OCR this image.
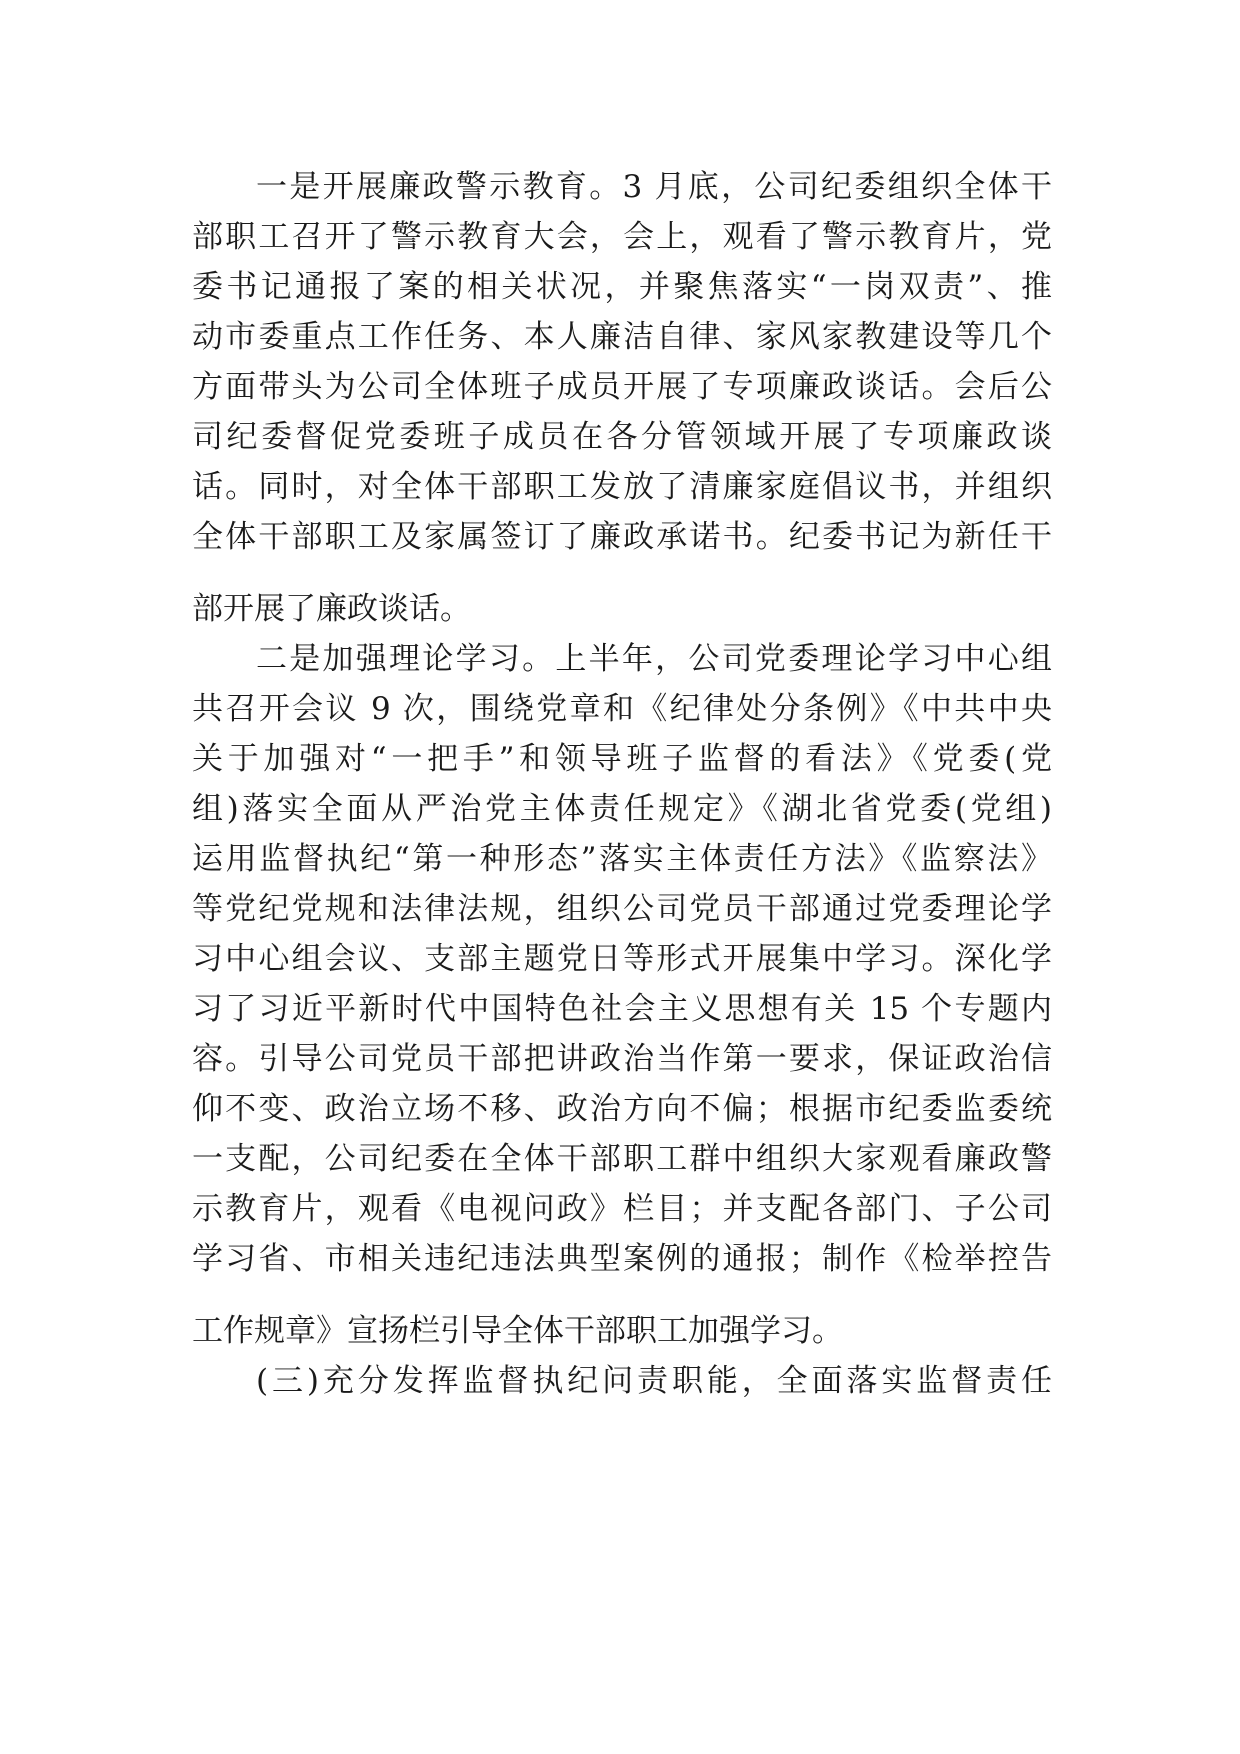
一是开展廉政警示教育。3 月底，公司纪委组织全体干
部职工召开了警示教育大会，会上，观看了警示教育片，党
委书记通报了案的相关状况，并聚焦落实“一岗双责”、推
动市委重点工作任务、本人廉洁自律、家风家教建设等几个
方面带头为公司全体班子成员开展了专项廉政谈话。会后公
司纪委督促党委班子成员在各分管领域开展了专项廉政谈
话。同时，对全体干部职工发放了清廉家庭倡议书，并组织
全体干部职工及家属签订了廉政承诺书。纪委书记为新任干
部开展了廉政谈话。
二是加强理论学习。上半年，公司党委理论学习中心组
共召开会议 9 次，围绕党章和《纪律处分条例》《中共中央
关于加强对“一把手”和领导班子监督的看法》《党委(党
组)落实全面从严治党主体责任规定》《湖北省党委(党组)
运用监督执纪“第一种形态”落实主体责任方法》《监察法》
等党纪党规和法律法规，组织公司党员干部通过党委理论学
习中心组会议、支部主题党日等形式开展集中学习。深化学
习了习近平新时代中国特色社会主义思想有关 15 个专题内
容。引导公司党员干部把讲政治当作第一要求，保证政治信
仰不变、政治立场不移、政治方向不偏；根据市纪委监委统
一支配，公司纪委在全体干部职工群中组织大家观看廉政警
示教育片，观看《电视问政》栏目；并支配各部门、子公司
学习省、市相关违纪违法典型案例的通报；制作《检举控告
工作规章》宣扬栏引导全体干部职工加强学习。
(三)充分发挥监督执纪问责职能，全面落实监督责任
